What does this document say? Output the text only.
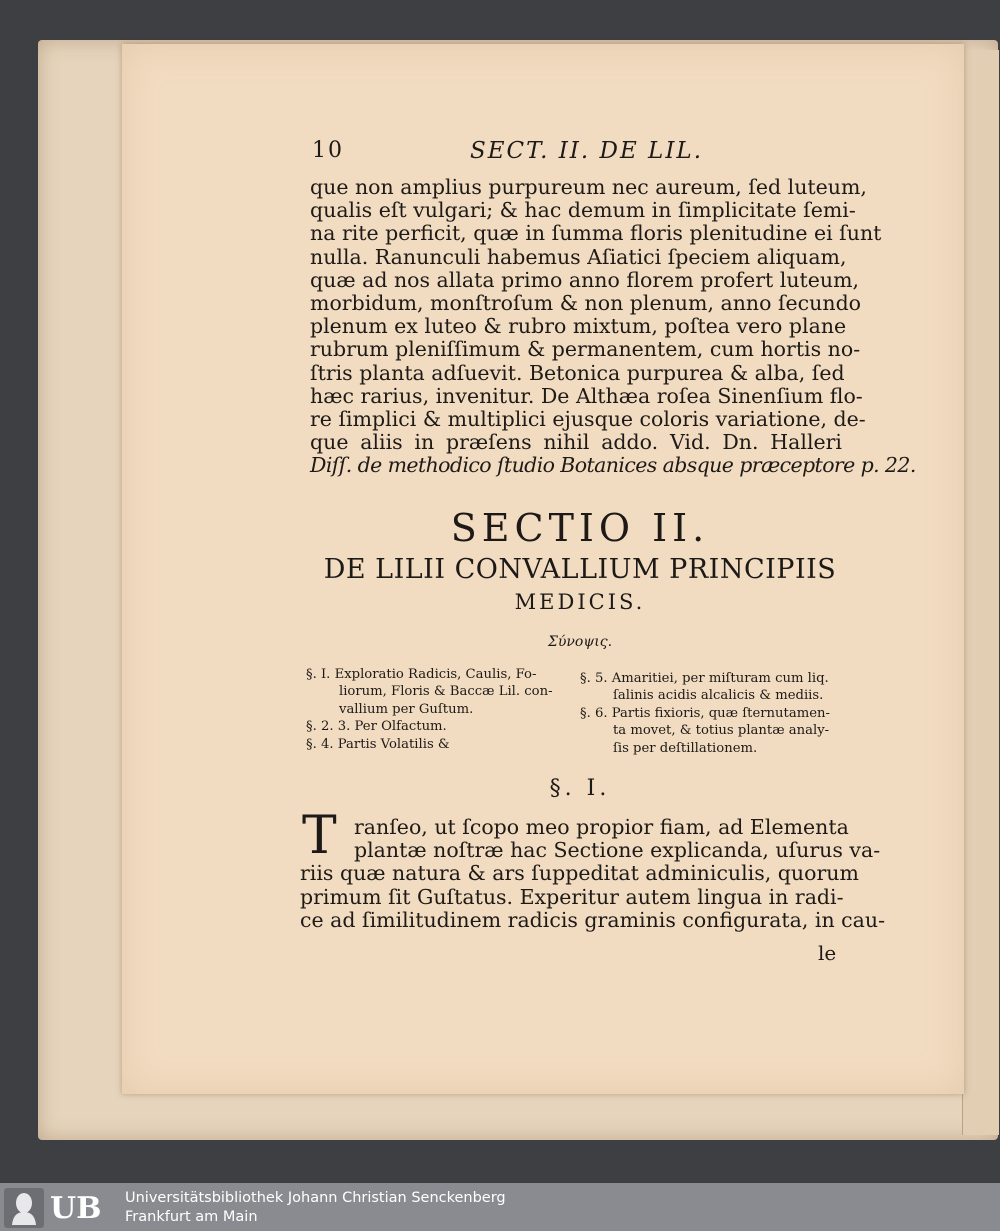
10	SECT. II. DE LIL.
que non amplius purpureum nec aureum, ſed luteum,
qualis eſt vulgari; & hac demum in ſimplicitate ſemi-
na rite perficit, quæ in ſumma floris plenitudine ei ſunt
nulla. Ranunculi habemus Aſiatici ſpeciem aliquam,
quæ ad nos allata primo anno florem profert luteum,
morbidum, monſtroſum & non plenum, anno ſecundo
plenum ex luteo & rubro mixtum, poſtea vero plane
rubrum pleniſſimum & permanentem, cum hortis no-
ſtris planta adſuevit. Betonica purpurea & alba, ſed
hæc rarius, invenitur. De Althæa roſea Sinenſium flo-
re ſimplici & multiplici ejusque coloris variatione, de-
que aliis in præſens nihil addo. Vid. Dn. Halleri
Diſſ. de methodico ſtudio Botanices absque præceptore p. 22.
SECTIO II.
DE LILII CONVALLIUM PRINCIPIIS
MEDICIS.
Σύνοψις.
§. I. Exploratio Radicis, Caulis, Fo-
liorum, Floris & Baccæ Lil. con-
vallium per Guſtum.
§. 2. 3. Per Olfactum.
§. 4. Partis Volatilis &
§. 5. Amaritiei, per miſturam cum liq.
ſalinis acidis alcalicis & mediis.
§. 6. Partis fixioris, quæ ſternutamen-
ta movet, & totius plantæ analy-
ſis per deſtillationem.
§. I.
T ranſeo, ut ſcopo meo propior fiam, ad Elementa
plantæ noſtræ hac Sectione explicanda, uſurus va-
riis quæ natura & ars ſuppeditat adminiculis, quorum
primum ſit Guſtatus. Experitur autem lingua in radi-
ce ad ſimilitudinem radicis graminis configurata, in cau-
le
UB Universitätsbibliothek Johann Christian Senckenberg
Frankfurt am Main
